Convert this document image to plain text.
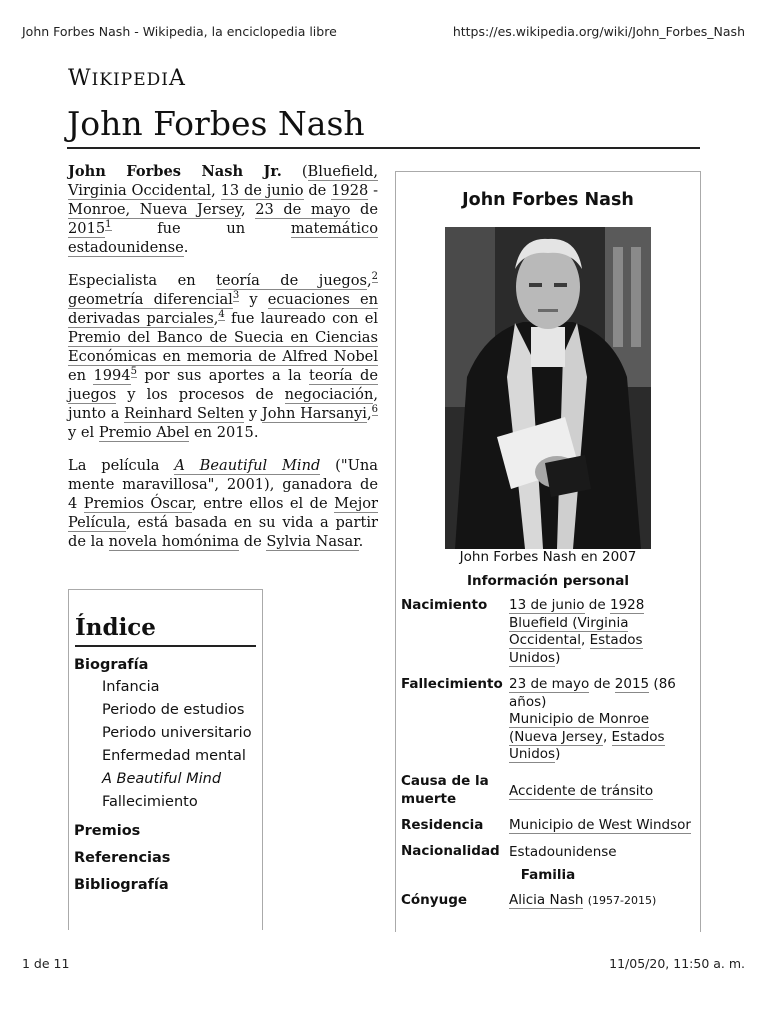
John Forbes Nash - Wikipedia, la enciclopedia libre	https://es.wikipedia.org/wiki/John_Forbes_Nash
WIKIPEDIA
John Forbes Nash

John Forbes Nash Jr. (Bluefield, Virginia Occidental, 13 de junio de 1928 - Monroe, Nueva Jersey, 23 de mayo de 2015$^1$ fue un matemático estadounidense.

Especialista en teoría de juegos,$^2$ geometría diferencial$^3$ y ecuaciones en derivadas parciales,$^4$ fue laureado con el Premio del Banco de Suecia en Ciencias Económicas en memoria de Alfred Nobel en 1994$^5$ por sus aportes a la teoría de juegos y los procesos de negociación, junto a Reinhard Selten y John Harsanyi,$^6$ y el Premio Abel en 2015.

La película A Beautiful Mind ("Una mente maravillosa", 2001), ganadora de 4 Premios Óscar, entre ellos el de Mejor Película, está basada en su vida a partir de la novela homónima de Sylvia Nasar.

Índice
Biografía
Infancia
Periodo de estudios
Periodo universitario
Enfermedad mental
A Beautiful Mind
Fallecimiento
Premios
Referencias
Bibliografía
John Forbes Nash
John Forbes Nash en 2007
Información personal
Nacimiento	13 de junio de 1928
Bluefield (Virginia Occidental, Estados Unidos)
Fallecimiento 23 de mayo de 2015 (86 años)
Municipio de Monroe (Nueva Jersey, Estados Unidos)
Causa de la muerte	Accidente de tránsito
Residencia	Municipio de West Windsor
Nacionalidad Estadounidense
Familia
Cónyuge	Alicia Nash (1957-2015)
1 de 11	11/05/20, 11:50 a. m.
